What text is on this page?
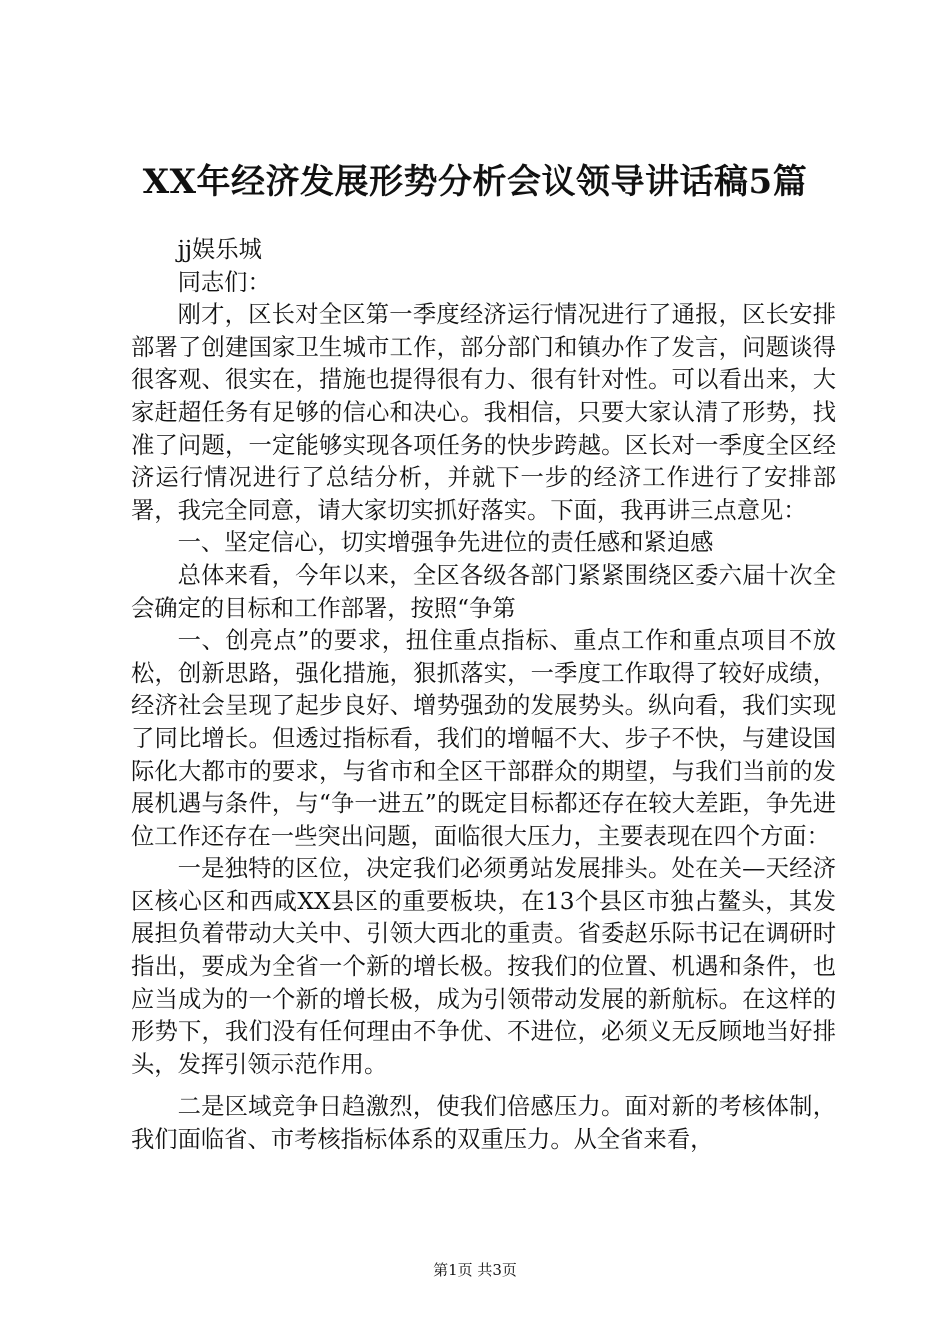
XX年经济发展形势分析会议领导讲话稿5篇

jj娱乐城

同志们：

刚才，区长对全区第一季度经济运行情况进行了通报，区长安排部署了创建国家卫生城市工作，部分部门和镇办作了发言，问题谈得很客观、很实在，措施也提得很有力、很有针对性。可以看出来，大家赶超任务有足够的信心和决心。我相信，只要大家认清了形势，找准了问题，一定能够实现各项任务的快步跨越。区长对一季度全区经济运行情况进行了总结分析，并就下一步的经济工作进行了安排部署，我完全同意，请大家切实抓好落实。下面，我再讲三点意见：

一、坚定信心，切实增强争先进位的责任感和紧迫感

总体来看，今年以来，全区各级各部门紧紧围绕区委六届十次全会确定的目标和工作部署，按照“争第

一、创亮点”的要求，扭住重点指标、重点工作和重点项目不放松，创新思路，强化措施，狠抓落实，一季度工作取得了较好成绩，经济社会呈现了起步良好、增势强劲的发展势头。纵向看，我们实现了同比增长。但透过指标看，我们的增幅不大、步子不快，与建设国际化大都市的要求，与省市和全区干部群众的期望，与我们当前的发展机遇与条件，与“争一进五”的既定目标都还存在较大差距，争先进位工作还存在一些突出问题，面临很大压力，主要表现在四个方面：

一是独特的区位，决定我们必须勇站发展排头。处在关—天经济区核心区和西咸XX县区的重要板块，在13个县区市独占鳌头，其发展担负着带动大关中、引领大西北的重责。省委赵乐际书记在调研时指出，要成为全省一个新的增长极。按我们的位置、机遇和条件，也应当成为的一个新的增长极，成为引领带动发展的新航标。在这样的形势下，我们没有任何理由不争优、不进位，必须义无反顾地当好排头，发挥引领示范作用。

二是区域竞争日趋激烈，使我们倍感压力。面对新的考核体制，我们面临省、市考核指标体系的双重压力。从全省来看，

第1页 共3页
